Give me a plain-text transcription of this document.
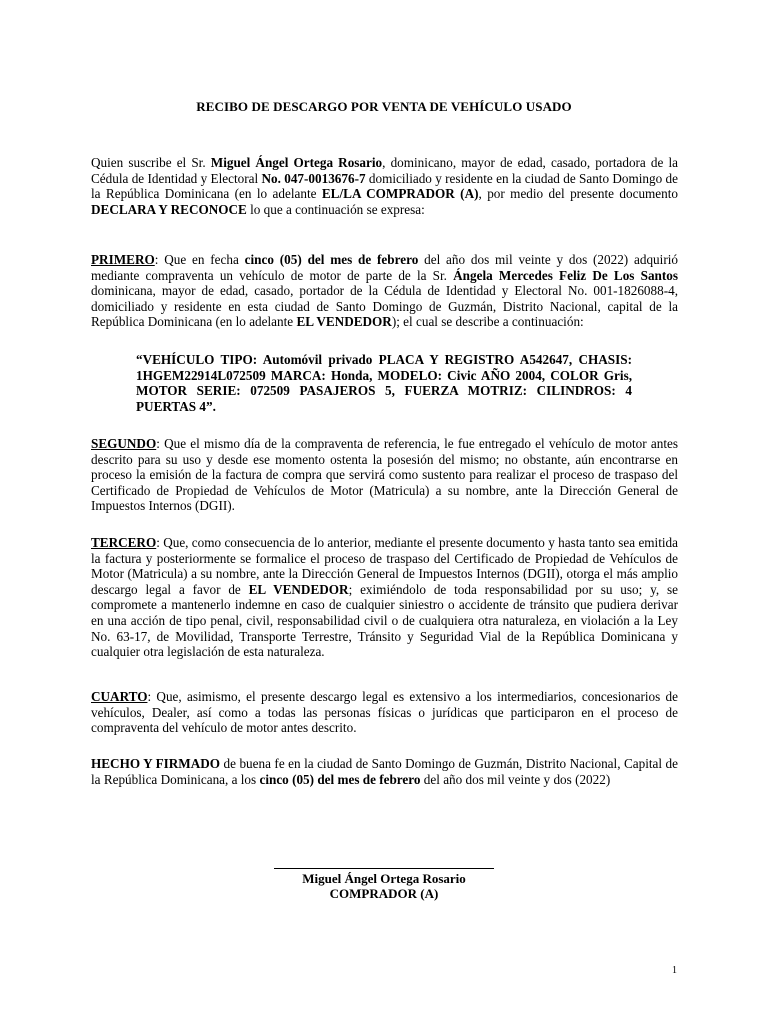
RECIBO DE DESCARGO POR VENTA DE VEHÍCULO USADO
Quien suscribe el Sr. Miguel Ángel Ortega Rosario, dominicano, mayor de edad, casado, portadora de la Cédula de Identidad y Electoral No. 047-0013676-7 domiciliado y residente en la ciudad de Santo Domingo de la República Dominicana (en lo adelante EL/LA COMPRADOR (A), por medio del presente documento DECLARA Y RECONOCE lo que a continuación se expresa:
PRIMERO: Que en fecha cinco (05) del mes de febrero del año dos mil veinte y dos (2022) adquirió mediante compraventa un vehículo de motor de parte de la Sr. Ángela Mercedes Feliz De Los Santos dominicana, mayor de edad, casado, portador de la Cédula de Identidad y Electoral No. 001-1826088-4, domiciliado y residente en esta ciudad de Santo Domingo de Guzmán, Distrito Nacional, capital de la República Dominicana (en lo adelante EL VENDEDOR); el cual se describe a continuación:
“VEHÍCULO TIPO: Automóvil privado PLACA Y REGISTRO A542647, CHASIS: 1HGEM22914L072509 MARCA: Honda, MODELO: Civic AÑO 2004, COLOR Gris, MOTOR SERIE: 072509 PASAJEROS 5, FUERZA MOTRIZ: CILINDROS: 4 PUERTAS 4”.
SEGUNDO: Que el mismo día de la compraventa de referencia, le fue entregado el vehículo de motor antes descrito para su uso y desde ese momento ostenta la posesión del mismo; no obstante, aún encontrarse en proceso la emisión de la factura de compra que servirá como sustento para realizar el proceso de traspaso del Certificado de Propiedad de Vehículos de Motor (Matricula) a su nombre, ante la Dirección General de Impuestos Internos (DGII).
TERCERO: Que, como consecuencia de lo anterior, mediante el presente documento y hasta tanto sea emitida la factura y posteriormente se formalice el proceso de traspaso del Certificado de Propiedad de Vehículos de Motor (Matricula) a su nombre, ante la Dirección General de Impuestos Internos (DGII), otorga el más amplio descargo legal a favor de EL VENDEDOR; eximiéndolo de toda responsabilidad por su uso; y, se compromete a mantenerlo indemne en caso de cualquier siniestro o accidente de tránsito que pudiera derivar en una acción de tipo penal, civil, responsabilidad civil o de cualquiera otra naturaleza, en violación a la Ley No. 63-17, de Movilidad, Transporte Terrestre, Tránsito y Seguridad Vial de la República Dominicana y cualquier otra legislación de esta naturaleza.
CUARTO: Que, asimismo, el presente descargo legal es extensivo a los intermediarios, concesionarios de vehículos, Dealer, así como a todas las personas físicas o jurídicas que participaron en el proceso de compraventa del vehículo de motor antes descrito.
HECHO Y FIRMADO de buena fe en la ciudad de Santo Domingo de Guzmán, Distrito Nacional, Capital de la República Dominicana, a los cinco (05) del mes de febrero del año dos mil veinte y dos (2022)
Miguel Ángel Ortega Rosario
COMPRADOR (A)
1
